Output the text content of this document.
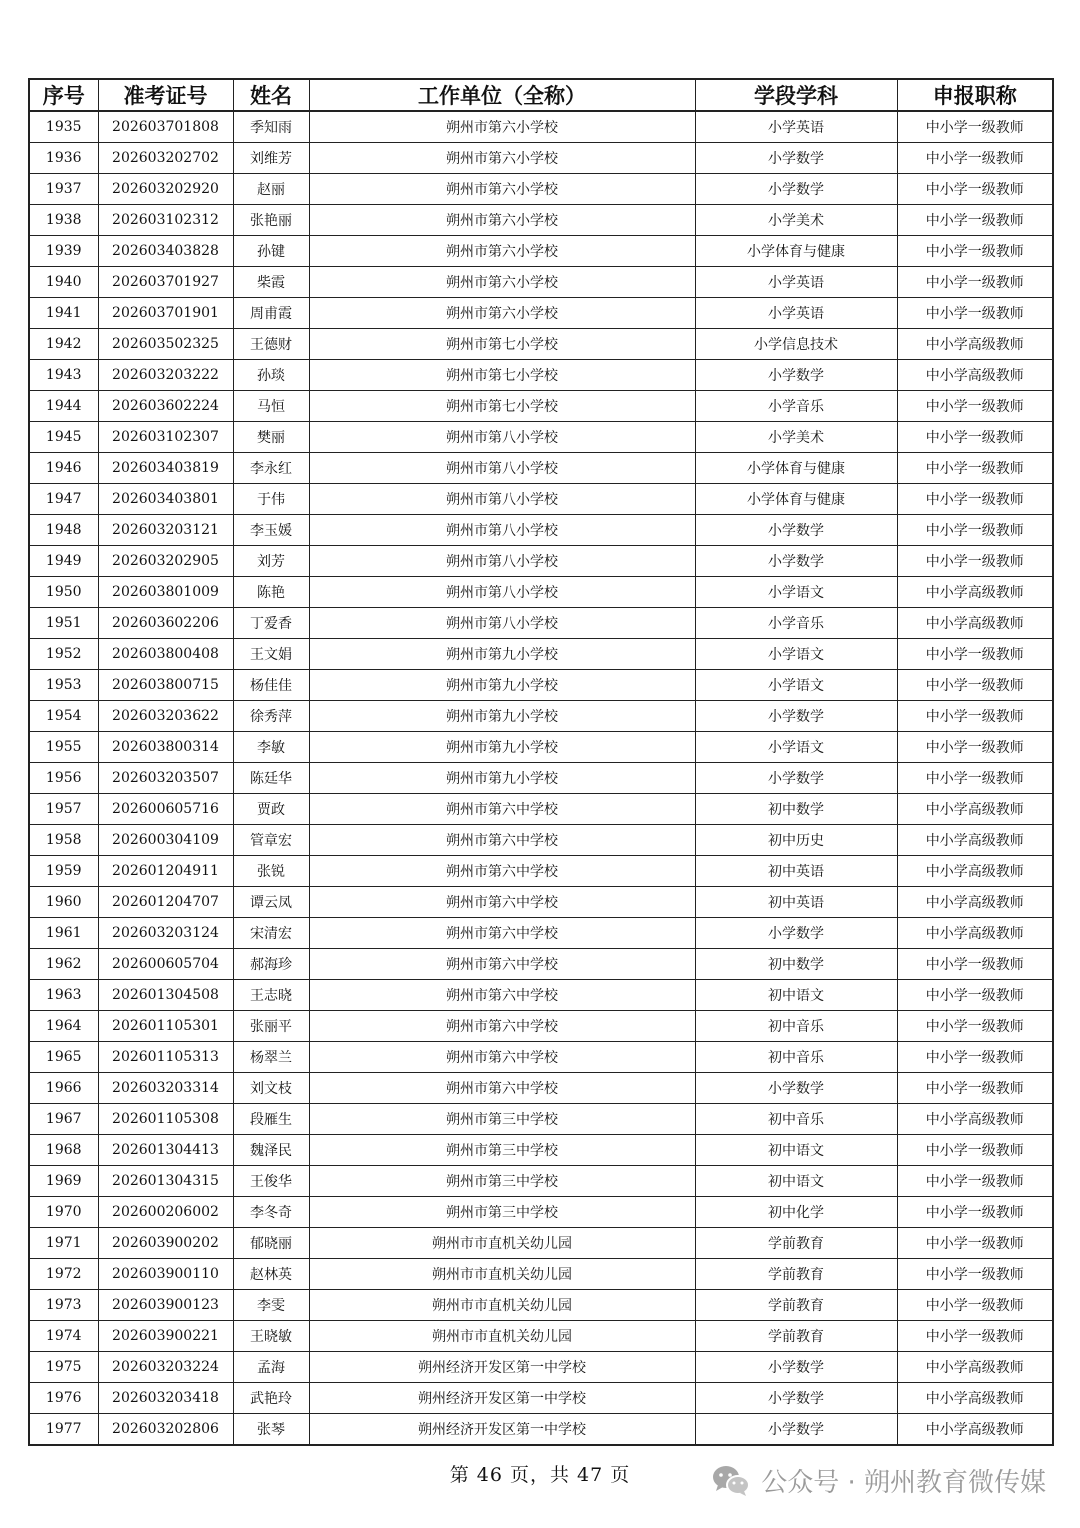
序号	准考证号	姓名	工作单位（全称）	学段学科	申报职称
1935	202603701808	季知雨	朔州市第六小学校	小学英语	中小学一级教师
1936	202603202702	刘维芳	朔州市第六小学校	小学数学	中小学一级教师
1937	202603202920	赵丽	朔州市第六小学校	小学数学	中小学一级教师
1938	202603102312	张艳丽	朔州市第六小学校	小学美术	中小学一级教师
1939	202603403828	孙键	朔州市第六小学校	小学体育与健康	中小学一级教师
1940	202603701927	柴霞	朔州市第六小学校	小学英语	中小学一级教师
1941	202603701901	周甫霞	朔州市第六小学校	小学英语	中小学一级教师
1942	202603502325	王德财	朔州市第七小学校	小学信息技术	中小学高级教师
1943	202603203222	孙琰	朔州市第七小学校	小学数学	中小学高级教师
1944	202603602224	马恒	朔州市第七小学校	小学音乐	中小学一级教师
1945	202603102307	樊丽	朔州市第八小学校	小学美术	中小学一级教师
1946	202603403819	李永红	朔州市第八小学校	小学体育与健康	中小学一级教师
1947	202603403801	于伟	朔州市第八小学校	小学体育与健康	中小学一级教师
1948	202603203121	李玉媛	朔州市第八小学校	小学数学	中小学一级教师
1949	202603202905	刘芳	朔州市第八小学校	小学数学	中小学一级教师
1950	202603801009	陈艳	朔州市第八小学校	小学语文	中小学高级教师
1951	202603602206	丁爱香	朔州市第八小学校	小学音乐	中小学高级教师
1952	202603800408	王文娟	朔州市第九小学校	小学语文	中小学一级教师
1953	202603800715	杨佳佳	朔州市第九小学校	小学语文	中小学一级教师
1954	202603203622	徐秀萍	朔州市第九小学校	小学数学	中小学一级教师
1955	202603800314	李敏	朔州市第九小学校	小学语文	中小学一级教师
1956	202603203507	陈廷华	朔州市第九小学校	小学数学	中小学一级教师
1957	202600605716	贾政	朔州市第六中学校	初中数学	中小学高级教师
1958	202600304109	管章宏	朔州市第六中学校	初中历史	中小学高级教师
1959	202601204911	张锐	朔州市第六中学校	初中英语	中小学高级教师
1960	202601204707	谭云凤	朔州市第六中学校	初中英语	中小学高级教师
1961	202603203124	宋清宏	朔州市第六中学校	小学数学	中小学高级教师
1962	202600605704	郝海珍	朔州市第六中学校	初中数学	中小学一级教师
1963	202601304508	王志晓	朔州市第六中学校	初中语文	中小学一级教师
1964	202601105301	张丽平	朔州市第六中学校	初中音乐	中小学一级教师
1965	202601105313	杨翠兰	朔州市第六中学校	初中音乐	中小学一级教师
1966	202603203314	刘文枝	朔州市第六中学校	小学数学	中小学一级教师
1967	202601105308	段雁生	朔州市第三中学校	初中音乐	中小学高级教师
1968	202601304413	魏泽民	朔州市第三中学校	初中语文	中小学一级教师
1969	202601304315	王俊华	朔州市第三中学校	初中语文	中小学一级教师
1970	202600206002	李冬奇	朔州市第三中学校	初中化学	中小学一级教师
1971	202603900202	郁晓丽	朔州市市直机关幼儿园	学前教育	中小学一级教师
1972	202603900110	赵林英	朔州市市直机关幼儿园	学前教育	中小学一级教师
1973	202603900123	李雯	朔州市市直机关幼儿园	学前教育	中小学一级教师
1974	202603900221	王晓敏	朔州市市直机关幼儿园	学前教育	中小学一级教师
1975	202603203224	孟海	朔州经济开发区第一中学校	小学数学	中小学高级教师
1976	202603203418	武艳玲	朔州经济开发区第一中学校	小学数学	中小学高级教师
1977	202603202806	张琴	朔州经济开发区第一中学校	小学数学	中小学高级教师
第 46 页，共 47 页	公众号 · 朔州教育微传媒
